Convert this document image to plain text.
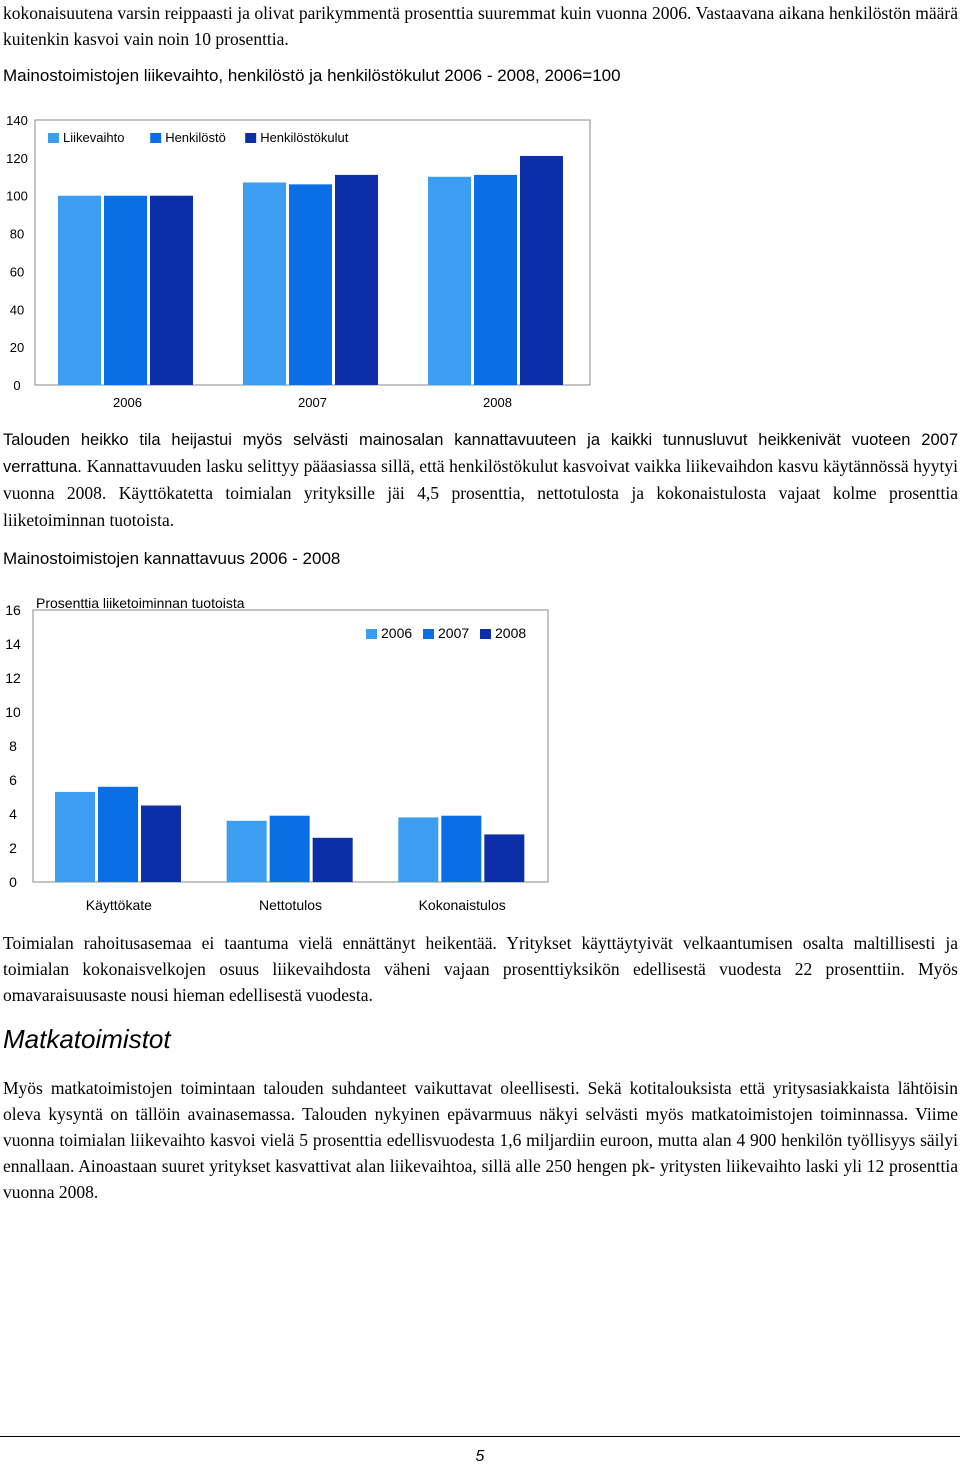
kokonaisuutena varsin reippaasti ja olivat parikymmentä prosenttia suuremmat kuin vuonna 2006. Vastaavana aikana henkilöstön määrä kuitenkin kasvoi vain noin 10 prosenttia.

Mainostoimistojen liikevaihto, henkilöstö ja henkilöstökulut 2006 - 2008, 2006=100
0
20
40
60
80
100
120
140
2006	2007	2008
Liikevaihto	Henkilöstö	Henkilöstökulut

Talouden heikko tila heijastui myös selvästi mainosalan kannattavuuteen ja kaikki tunnusluvut heikkenivät vuoteen 2007 verrattuna. Kannattavuuden lasku selittyy pääasiassa sillä, että henkilöstökulut kasvoivat vaikka liikevaihdon kasvu käytännössä hyytyi vuonna 2008. Käyttökatetta toimialan yrityksille jäi 4,5 prosenttia, nettotulosta ja kokonaistulosta vajaat kolme prosenttia liiketoiminnan tuotoista.

Mainostoimistojen kannattavuus 2006 - 2008
0
2
4
6
8
10
12
14
16 Prosenttia liiketoiminnan tuotoista
Käyttökate	Nettotulos	Kokonaistulos
2006 2007 2008

Toimialan rahoitusasemaa ei taantuma vielä ennättänyt heikentää. Yritykset käyttäytyivät velkaantumisen osalta maltillisesti ja toimialan kokonaisvelkojen osuus liikevaihdosta väheni vajaan prosenttiyksikön edellisestä vuodesta 22 prosenttiin. Myös omavaraisuusaste nousi hieman edellisestä vuodesta.

Matkatoimistot

Myös matkatoimistojen toimintaan talouden suhdanteet vaikuttavat oleellisesti. Sekä kotitalouksista että yritysasiakkaista lähtöisin oleva kysyntä on tällöin avainasemassa. Talouden nykyinen epävarmuus näkyi selvästi myös matkatoimistojen toiminnassa. Viime vuonna toimialan liikevaihto kasvoi vielä 5 prosenttia edellisvuodesta 1,6 miljardiin euroon, mutta alan 4 900 henkilön työllisyys säilyi ennallaan. Ainoastaan suuret yritykset kasvattivat alan liikevaihtoa, sillä alle 250 hengen pk- yritysten liikevaihto laski yli 12 prosenttia vuonna 2008.

5
